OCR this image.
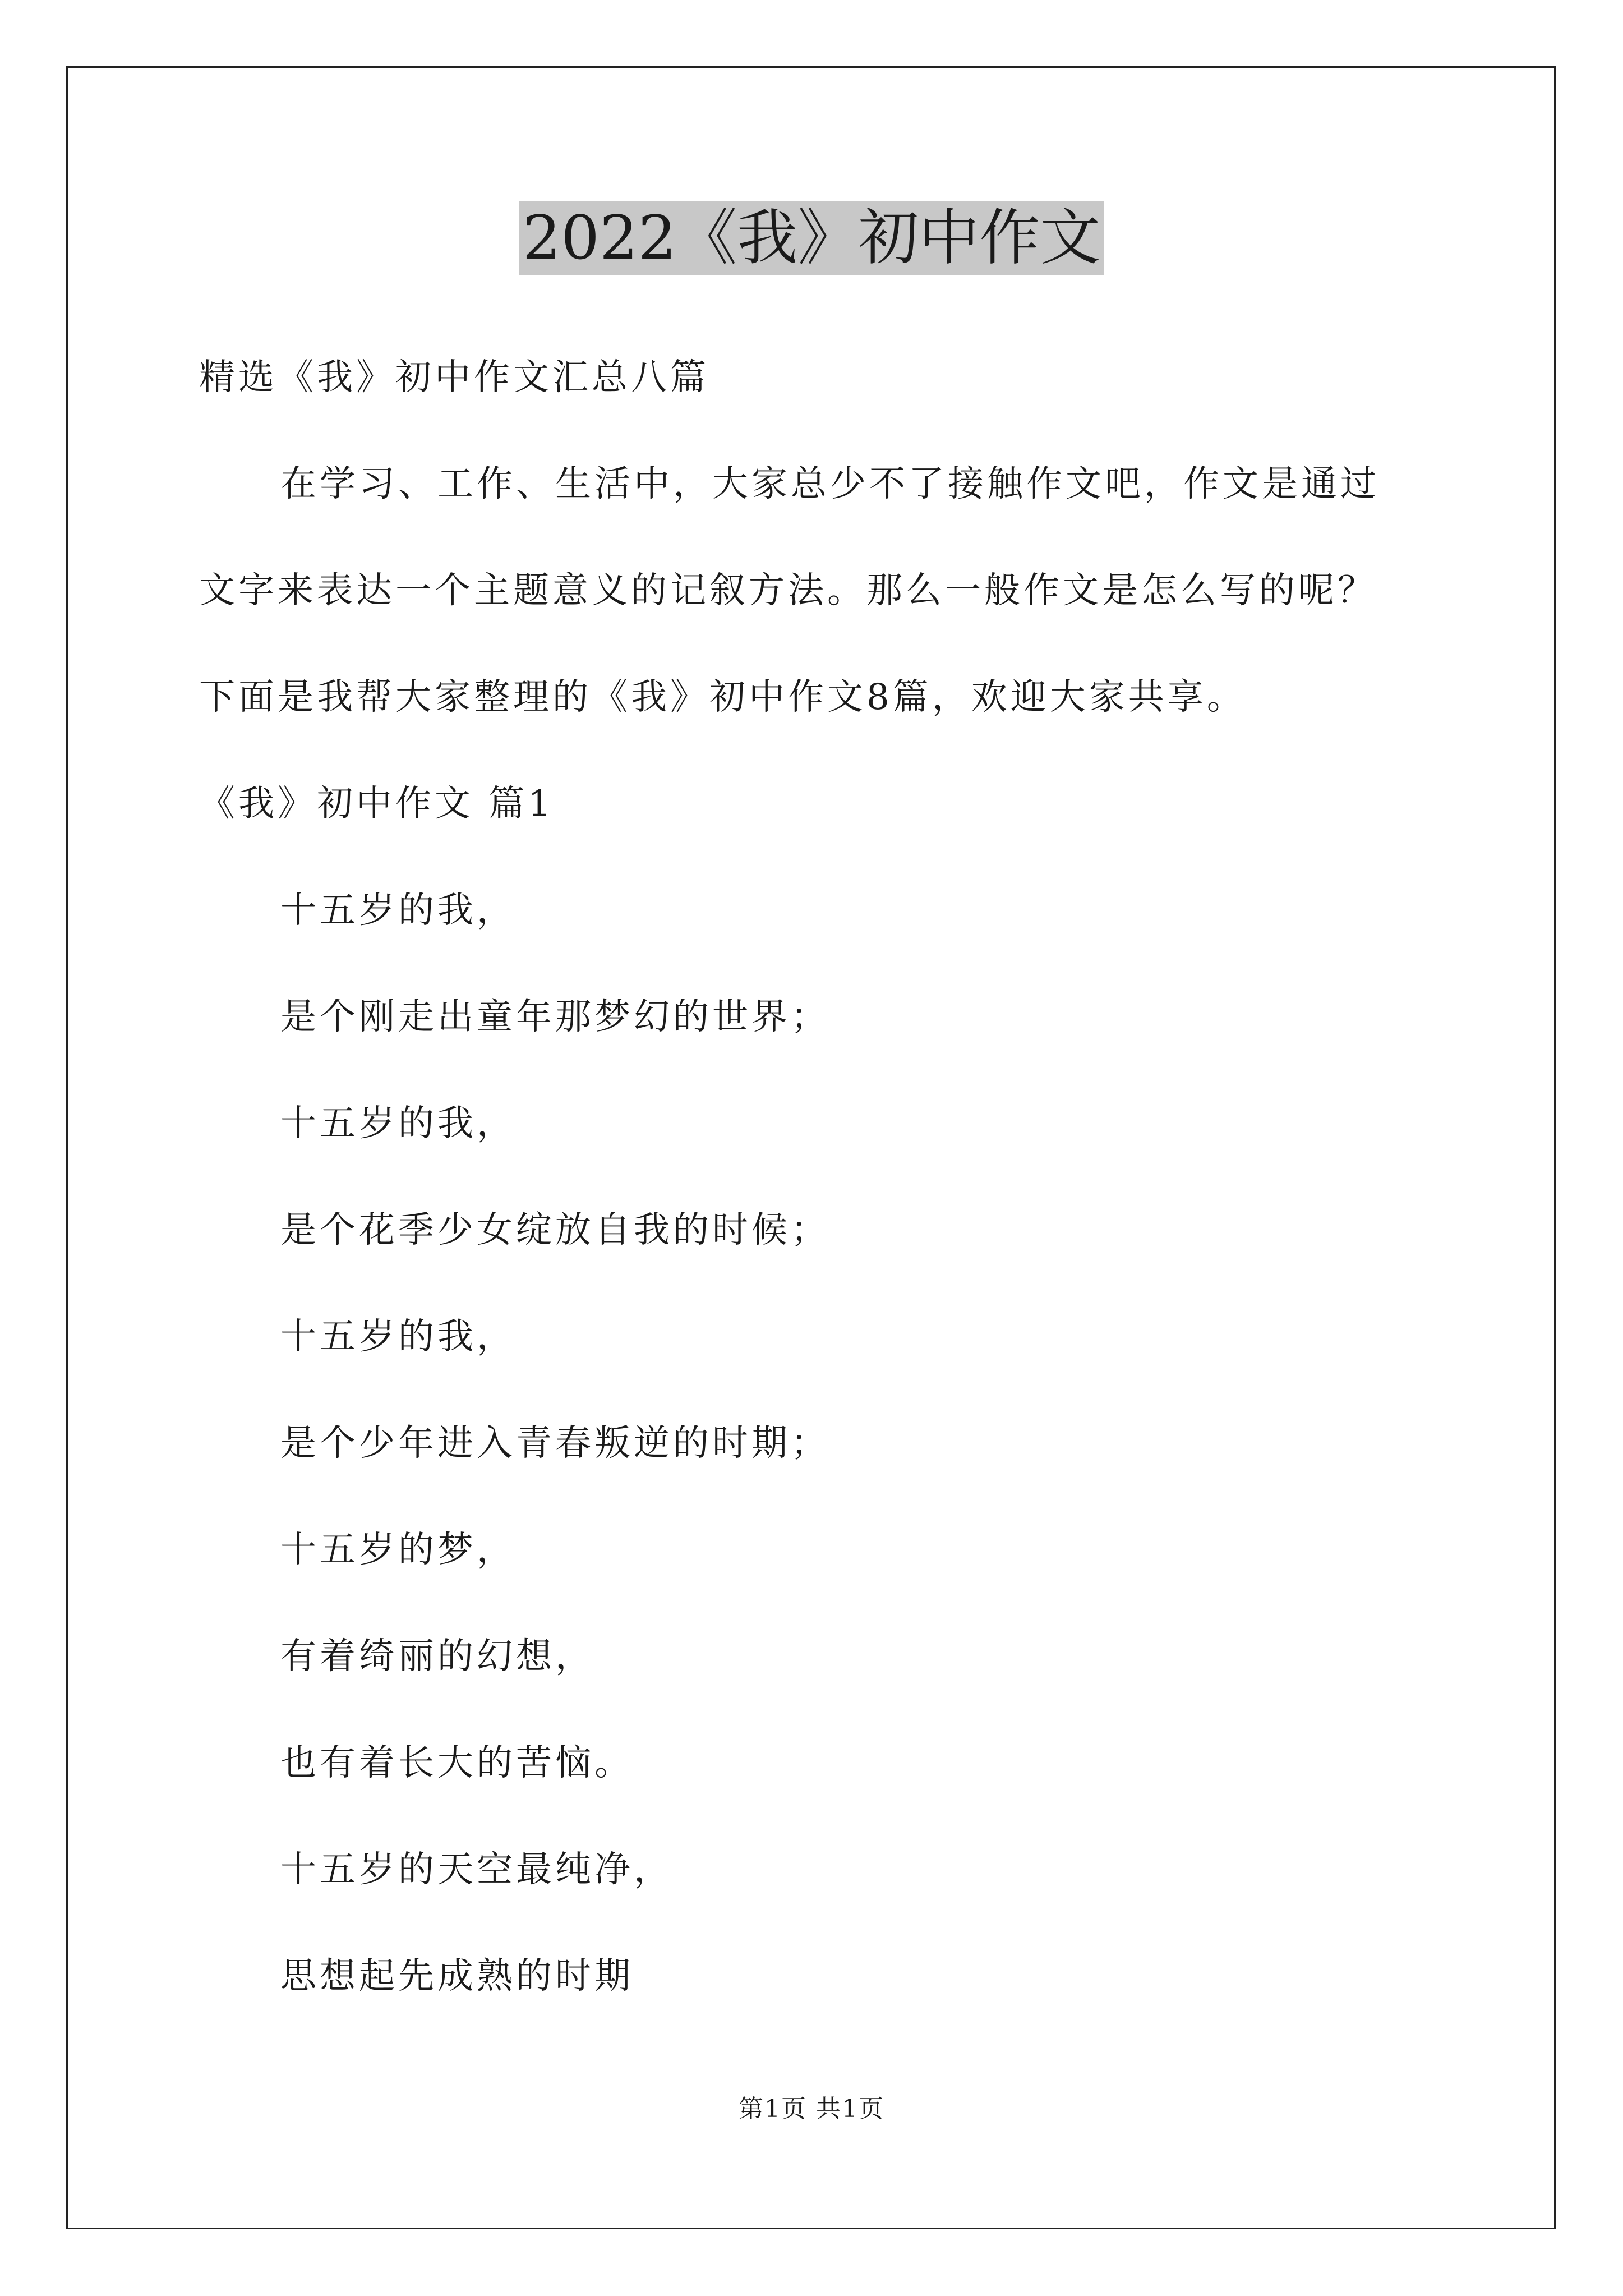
2022《我》初中作文
精选《我》初中作文汇总八篇
在学习、工作、生活中，大家总少不了接触作文吧，作文是通过
文字来表达一个主题意义的记叙方法。那么一般作文是怎么写的呢？
下面是我帮大家整理的《我》初中作文8篇，欢迎大家共享。
《我》初中作文 篇1
十五岁的我，
是个刚走出童年那梦幻的世界；
十五岁的我，
是个花季少女绽放自我的时候；
十五岁的我，
是个少年进入青春叛逆的时期；
十五岁的梦，
有着绮丽的幻想，
也有着长大的苦恼。
十五岁的天空最纯净，
思想起先成熟的时期
第1页 共1页
